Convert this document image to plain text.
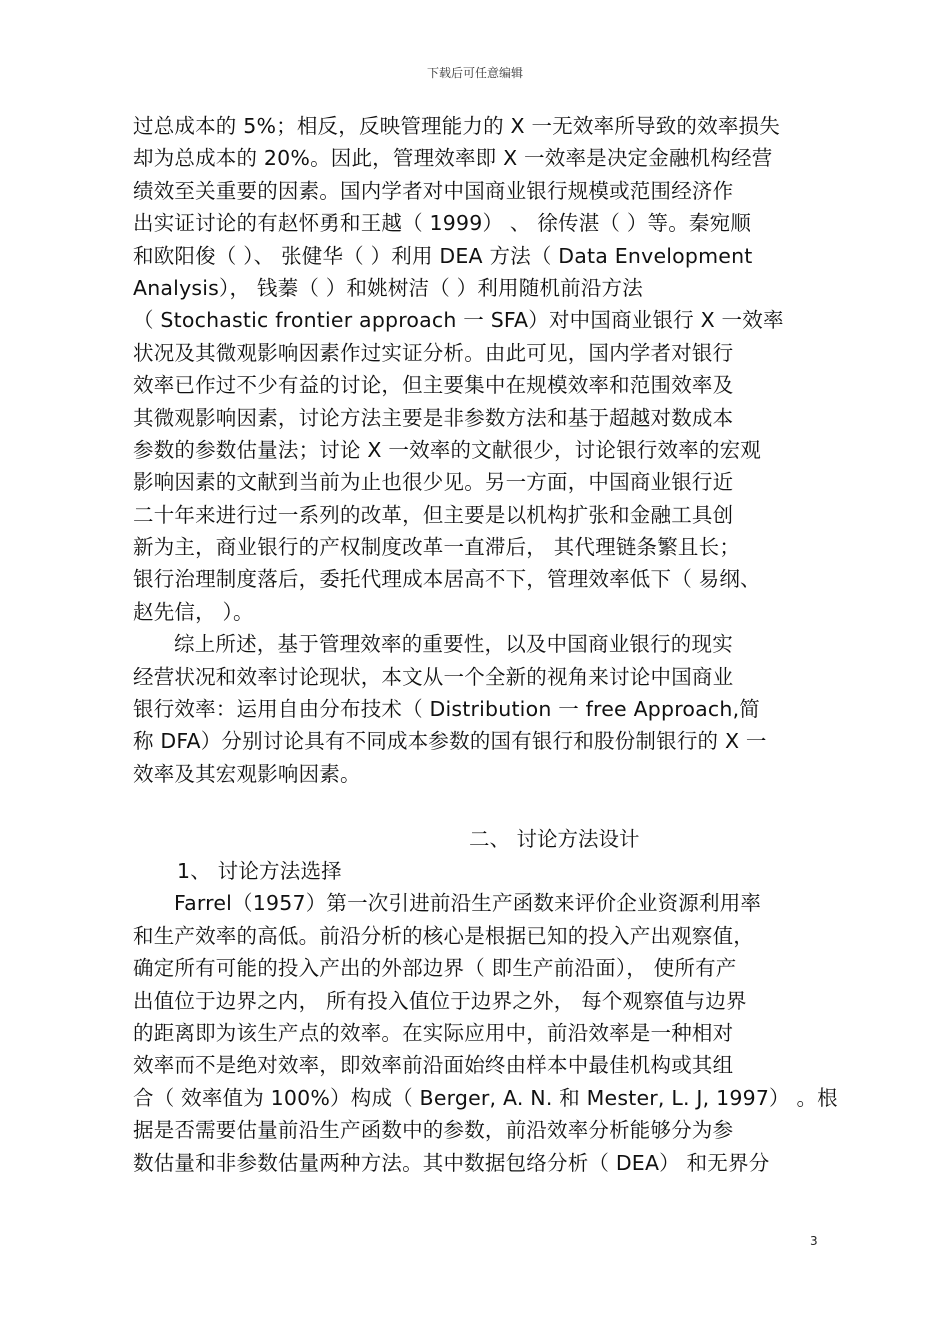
下载后可任意编辑
过总成本的 5%；相反，反映管理能力的 X 一无效率所导致的效率损失
却为总成本的 20%。因此，管理效率即 X 一效率是决定金融机构经营
绩效至关重要的因素。国内学者对中国商业银行规模或范围经济作
出实证讨论的有赵怀勇和王越（ 1999） 、 徐传湛（ ）等。秦宛顺
和欧阳俊（ ）、 张健华（ ）利用 DEA 方法（ Data Envelopment
Analysis）， 钱蓁（ ）和姚树洁（ ）利用随机前沿方法
（ Stochastic frontier approach 一 SFA）对中国商业银行 X 一效率
状况及其微观影响因素作过实证分析。由此可见，国内学者对银行
效率已作过不少有益的讨论，但主要集中在规模效率和范围效率及
其微观影响因素，讨论方法主要是非参数方法和基于超越对数成本
参数的参数估量法；讨论 X 一效率的文献很少，讨论银行效率的宏观
影响因素的文献到当前为止也很少见。另一方面，中国商业银行近
二十年来进行过一系列的改革，但主要是以机构扩张和金融工具创
新为主，商业银行的产权制度改革一直滞后， 其代理链条繁且长；
银行治理制度落后，委托代理成本居高不下，管理效率低下（ 易纲、
赵先信， ）。
综上所述，基于管理效率的重要性，以及中国商业银行的现实
经营状况和效率讨论现状，本文从一个全新的视角来讨论中国商业
银行效率：运用自由分布技术（ Distribution 一 free Approach,简
称 DFA）分别讨论具有不同成本参数的国有银行和股份制银行的 X 一
效率及其宏观影响因素。
二、 讨论方法设计
1、 讨论方法选择
Farrel（1957）第一次引进前沿生产函数来评价企业资源利用率
和生产效率的高低。前沿分析的核心是根据已知的投入产出观察值，
确定所有可能的投入产出的外部边界（ 即生产前沿面）， 使所有产
出值位于边界之内， 所有投入值位于边界之外， 每个观察值与边界
的距离即为该生产点的效率。在实际应用中，前沿效率是一种相对
效率而不是绝对效率，即效率前沿面始终由样本中最佳机构或其组
合（ 效率值为 100%）构成（ Berger, A. N. 和 Mester, L. J, 1997） 。根
据是否需要估量前沿生产函数中的参数，前沿效率分析能够分为参
数估量和非参数估量两种方法。其中数据包络分析（ DEA） 和无界分
3
